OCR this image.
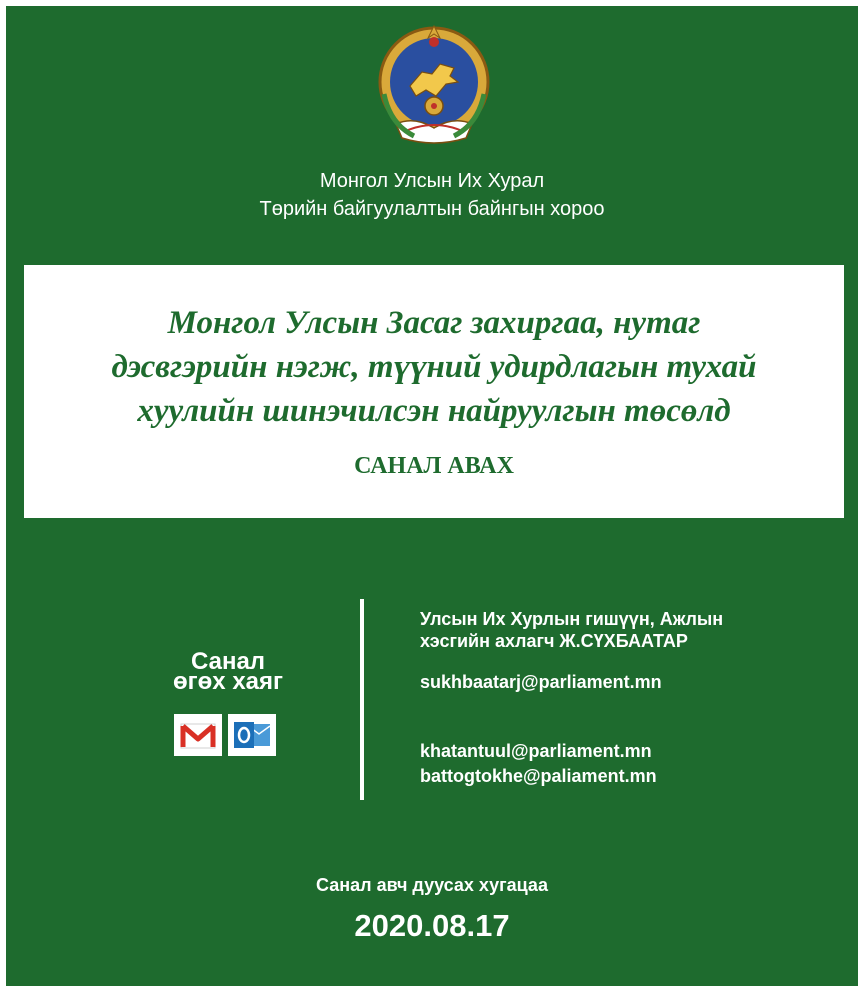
Монгол Улсын Их Хурал
Төрийн байгуулалтын байнгын хороо
Монгол Улсын Засаг захиргаа, нутаг
дэсвгэрийн нэгж, түүний удирдлагын тухай
хуулийн шинэчилсэн найруулгын төсөлд
САНАЛ АВАХ
Санал
өгөх хаяг
Улсын Их Хурлын гишүүн, Ажлын
хэсгийн ахлагч Ж.СҮХБААТАР
sukhbaatarj@parliament.mn
khatantuul@parliament.mn
battogtokhe@paliament.mn
Санал авч дуусах хугацаа
2020.08.17
